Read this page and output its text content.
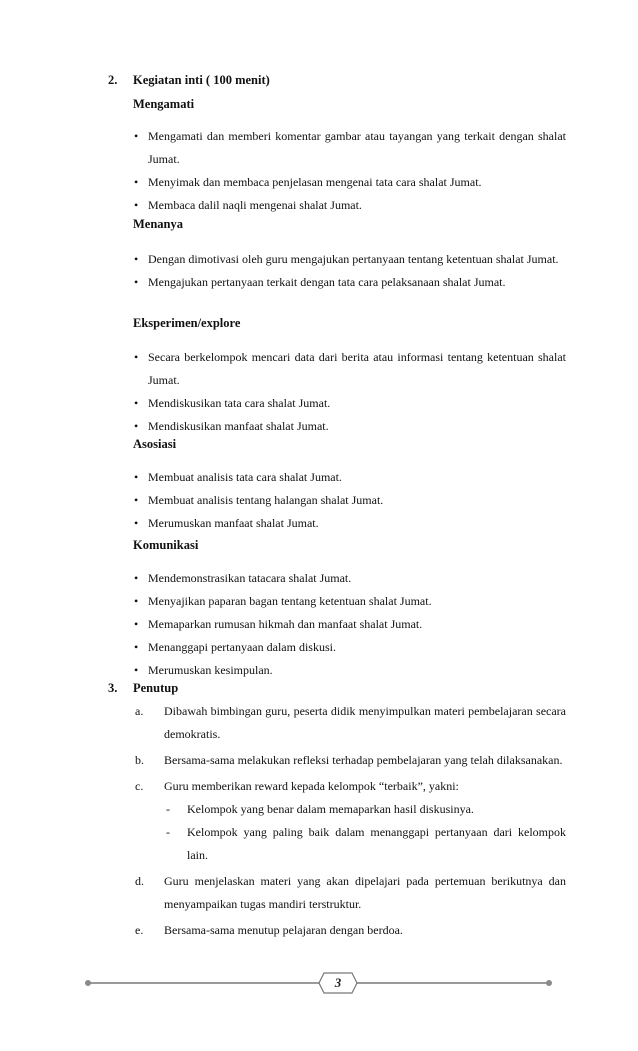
2. Kegiatan inti ( 100 menit)
Mengamati
• Mengamati dan memberi komentar gambar atau tayangan yang terkait dengan shalat Jumat.
• Menyimak dan membaca penjelasan mengenai tata cara shalat Jumat.
• Membaca dalil naqli mengenai shalat Jumat.
Menanya
• Dengan dimotivasi oleh guru mengajukan pertanyaan tentang ketentuan shalat Jumat.
• Mengajukan pertanyaan terkait dengan tata cara pelaksanaan shalat Jumat.
Eksperimen/explore
• Secara berkelompok mencari data dari berita atau informasi tentang ketentuan shalat Jumat.
• Mendiskusikan tata cara shalat Jumat.
• Mendiskusikan manfaat shalat Jumat.
Asosiasi
• Membuat analisis tata cara shalat Jumat.
• Membuat analisis tentang halangan shalat Jumat.
• Merumuskan manfaat shalat Jumat.
Komunikasi
• Mendemonstrasikan tatacara shalat Jumat.
• Menyajikan paparan bagan tentang ketentuan shalat Jumat.
• Memaparkan rumusan hikmah dan manfaat shalat Jumat.
• Menanggapi pertanyaan dalam diskusi.
• Merumuskan kesimpulan.
3. Penutup
a. Dibawah bimbingan guru, peserta didik menyimpulkan materi pembelajaran secara demokratis.
b. Bersama-sama melakukan refleksi terhadap pembelajaran yang telah dilaksanakan.
c. Guru memberikan reward kepada kelompok “terbaik”, yakni:
- Kelompok yang benar dalam memaparkan hasil diskusinya.
- Kelompok yang paling baik dalam menanggapi pertanyaan dari kelompok lain.
d. Guru menjelaskan materi yang akan dipelajari pada pertemuan berikutnya dan menyampaikan tugas mandiri terstruktur.
e. Bersama-sama menutup pelajaran dengan berdoa.
3
